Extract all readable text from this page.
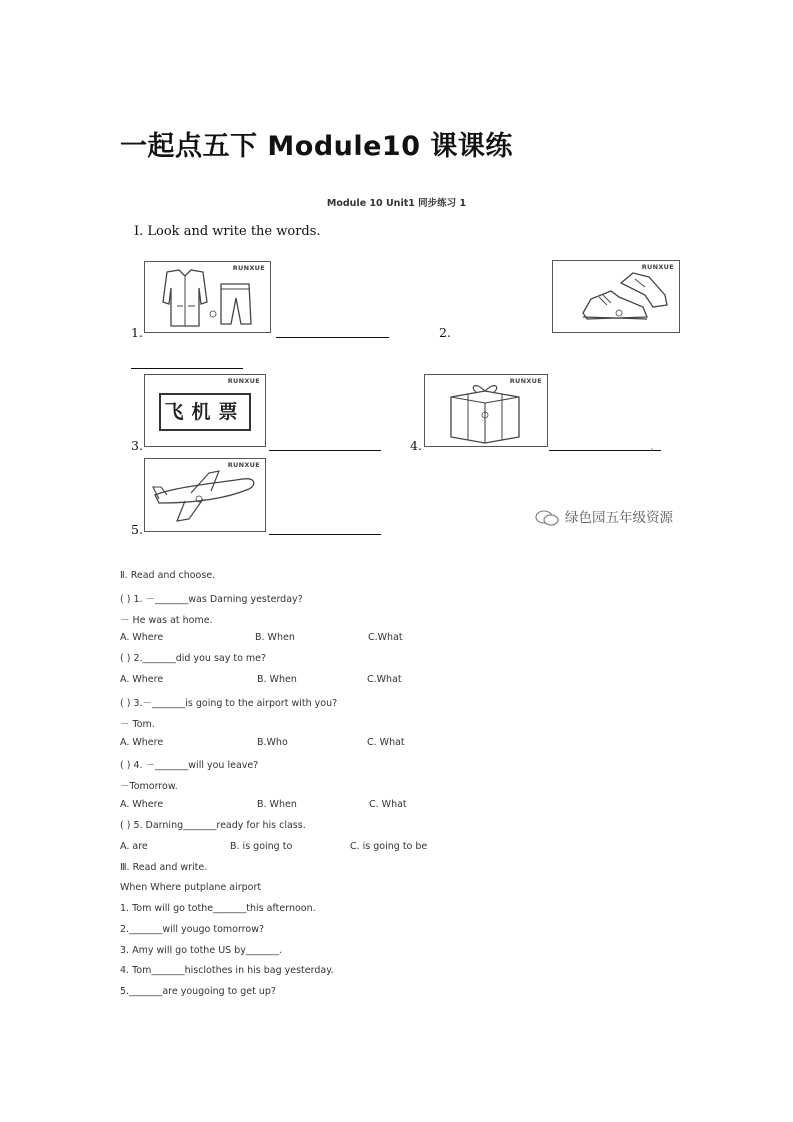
一起点五下 Module10 课课练
Module 10 Unit1 同步练习 1
Ⅰ. Look and write the words.
RUNXUE
1.	2.
RUNXUE
RUNXUE
飞机票
3.	4.
RUNXUE
,
RUNXUE
5.
绿色园五年级资源
Ⅱ. Read and choose.
( ) 1. －_______was Darning yesterday?
－ He was at home.
A. Where	B. When	C.What
( ) 2._______did you say to me?
A. Where	B. When	C.What
( ) 3.－_______is going to the airport with you?
－ Tom.
A. Where	B.Who	C. What
( ) 4. －_______will you leave?
－Tomorrow.
A. Where	B. When	C. What
( ) 5. Darning_______ready for his class.
A. are	B. is going to	C. is going to be
Ⅲ. Read and write.
When Where putplane airport
1. Tom will go tothe_______this afternoon.
2._______will yougo tomorrow?
3. Amy will go tothe US by_______.
4. Tom_______hisclothes in his bag yesterday.
5._______are yougoing to get up?
